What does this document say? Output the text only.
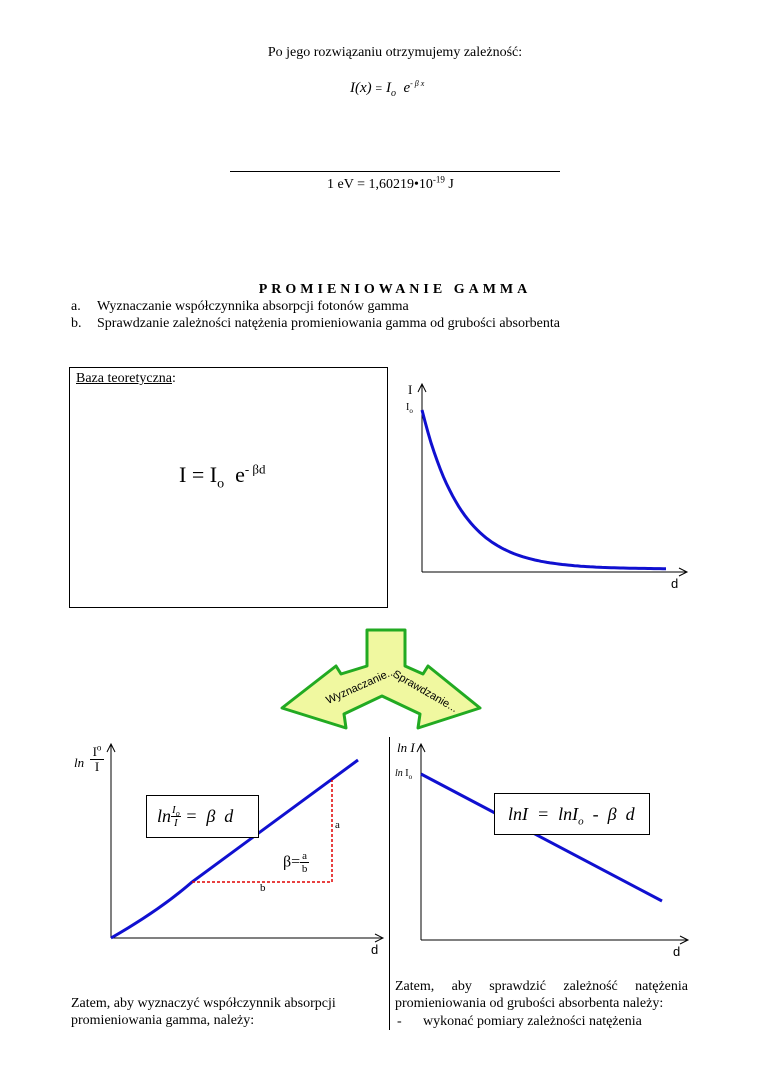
Po jego rozwiązaniu otrzymujemy zależność:
$I(x) = I_o$ $e^{- \beta x}$
1 eV = $1,60219•10^{-19}$ J
PROMIENIOWANIE GAMMA
a. Wyznaczanie współczynnika absorpcji fotonów gamma
b. Sprawdzanie zależności natężenia promieniowania gamma od grubości absorbenta
Baza teoretyczna:
$I = I_o$ $e^{- \beta d}$
I
$I_o$
d
Wyznaczanie...
Sprawdzanie...
$\ln \frac{I^o}{I}$
d
a
b
$\beta= \frac{a}{b}$
$\ln \frac{I_o}{I} = \beta$  d
ln I
$\ln I_o$
d
lnI  =  lnI$_o$  -  β  d
Zatem, aby wyznaczyć współczynnik absorpcji
promieniowania gamma, należy:
Zatem, aby sprawdzić zależność natężenia
promieniowania od grubości absorbenta należy:
- wykonać pomiary zależności natężenia
